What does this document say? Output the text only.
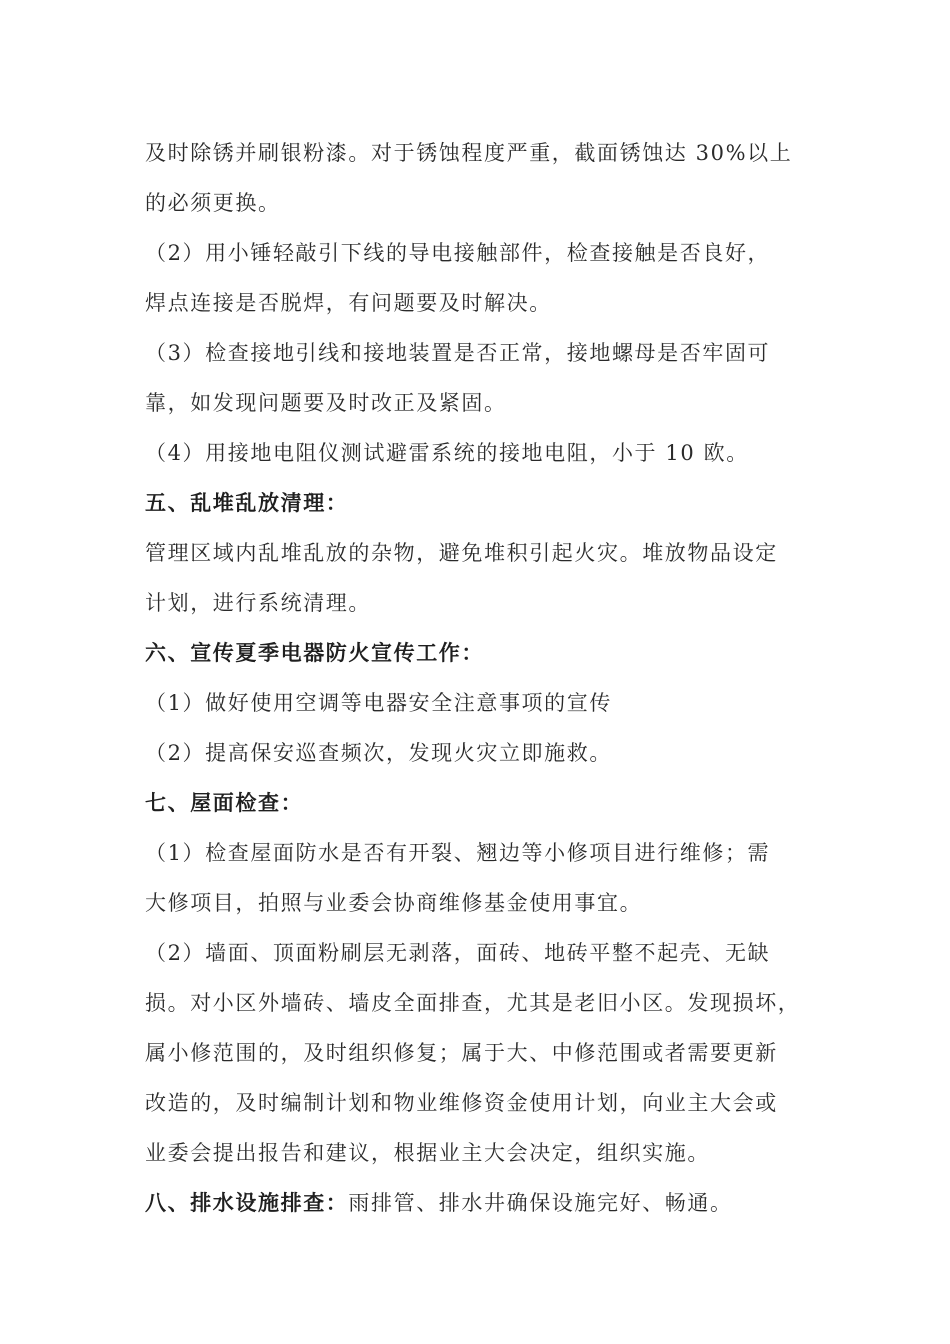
及时除锈并刷银粉漆。对于锈蚀程度严重，截面锈蚀达 30%以上
的必须更换。
（2）用小锤轻敲引下线的导电接触部件，检查接触是否良好，
焊点连接是否脱焊，有问题要及时解决。
（3）检查接地引线和接地装置是否正常，接地螺母是否牢固可
靠，如发现问题要及时改正及紧固。
（4）用接地电阻仪测试避雷系统的接地电阻，小于 10 欧。
五、乱堆乱放清理：
管理区域内乱堆乱放的杂物，避免堆积引起火灾。堆放物品设定
计划，进行系统清理。
六、宣传夏季电器防火宣传工作：
（1）做好使用空调等电器安全注意事项的宣传
（2）提高保安巡查频次，发现火灾立即施救。
七、屋面检查：
（1）检查屋面防水是否有开裂、翘边等小修项目进行维修；需
大修项目，拍照与业委会协商维修基金使用事宜。
（2）墙面、顶面粉刷层无剥落，面砖、地砖平整不起壳、无缺
损。对小区外墙砖、墙皮全面排查，尤其是老旧小区。发现损坏，
属小修范围的，及时组织修复；属于大、中修范围或者需要更新
改造的，及时编制计划和物业维修资金使用计划，向业主大会或
业委会提出报告和建议，根据业主大会决定，组织实施。
八、排水设施排查：雨排管、排水井确保设施完好、畅通。
